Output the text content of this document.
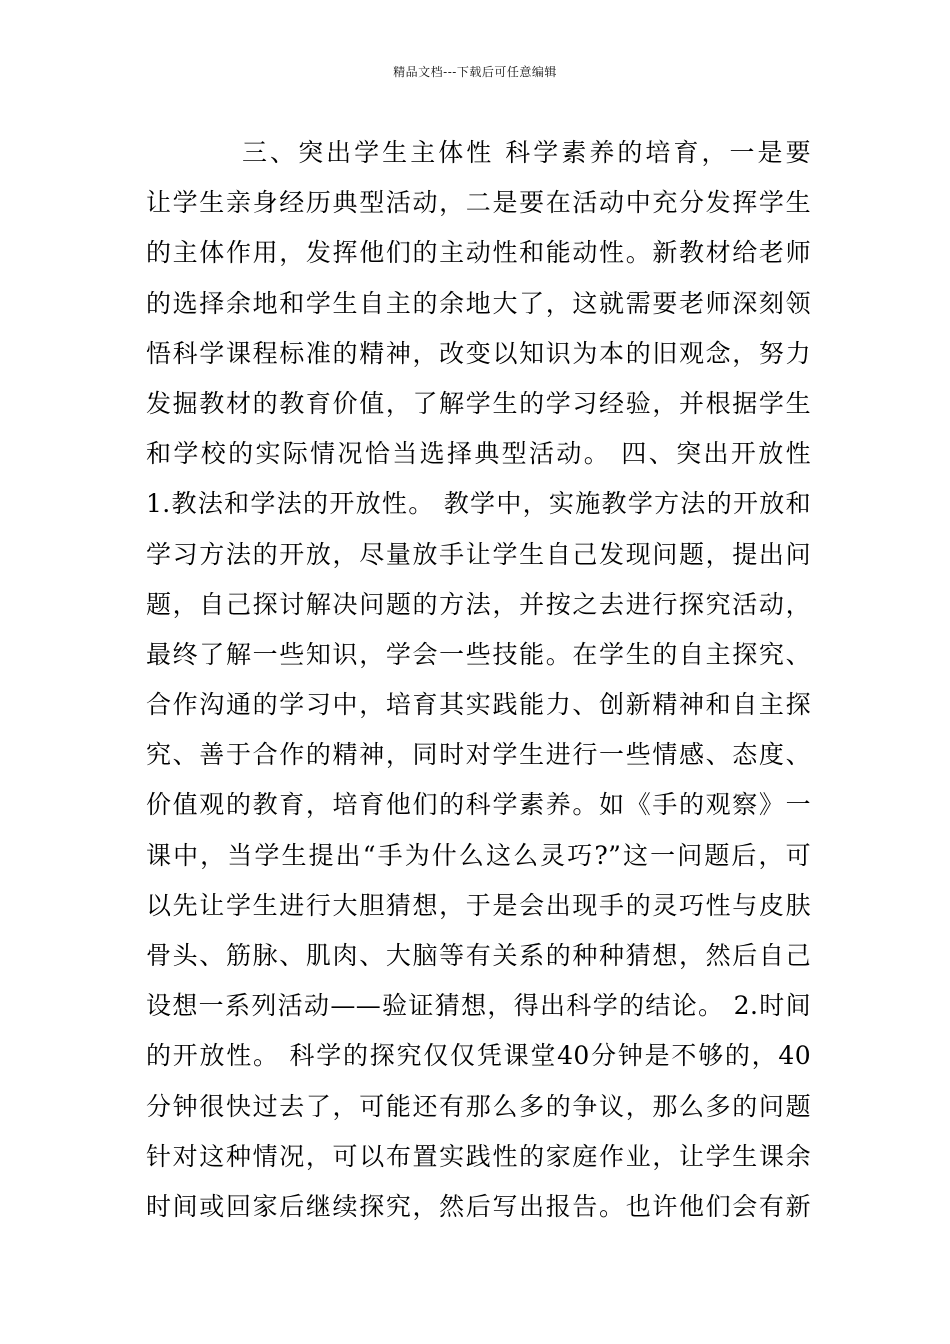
精品文档---下载后可任意编辑
三、突出学生主体性 科学素养的培育，一是要
让学生亲身经历典型活动，二是要在活动中充分发挥学生
的主体作用，发挥他们的主动性和能动性。新教材给老师
的选择余地和学生自主的余地大了，这就需要老师深刻领
悟科学课程标准的精神，改变以知识为本的旧观念，努力
发掘教材的教育价值，了解学生的学习经验，并根据学生
和学校的实际情况恰当选择典型活动。 四、突出开放性
1.教法和学法的开放性。 教学中，实施教学方法的开放和
学习方法的开放，尽量放手让学生自己发现问题，提出问
题，自己探讨解决问题的方法，并按之去进行探究活动，
最终了解一些知识，学会一些技能。在学生的自主探究、
合作沟通的学习中，培育其实践能力、创新精神和自主探
究、善于合作的精神，同时对学生进行一些情感、态度、
价值观的教育，培育他们的科学素养。如《手的观察》一
课中，当学生提出“手为什么这么灵巧?”这一问题后，可
以先让学生进行大胆猜想，于是会出现手的灵巧性与皮肤
骨头、筋脉、肌肉、大脑等有关系的种种猜想，然后自己
设想一系列活动——验证猜想，得出科学的结论。 2.时间
的开放性。 科学的探究仅仅凭课堂40分钟是不够的，40
分钟很快过去了，可能还有那么多的争议，那么多的问题
针对这种情况，可以布置实践性的家庭作业，让学生课余
时间或回家后继续探究，然后写出报告。也许他们会有新
